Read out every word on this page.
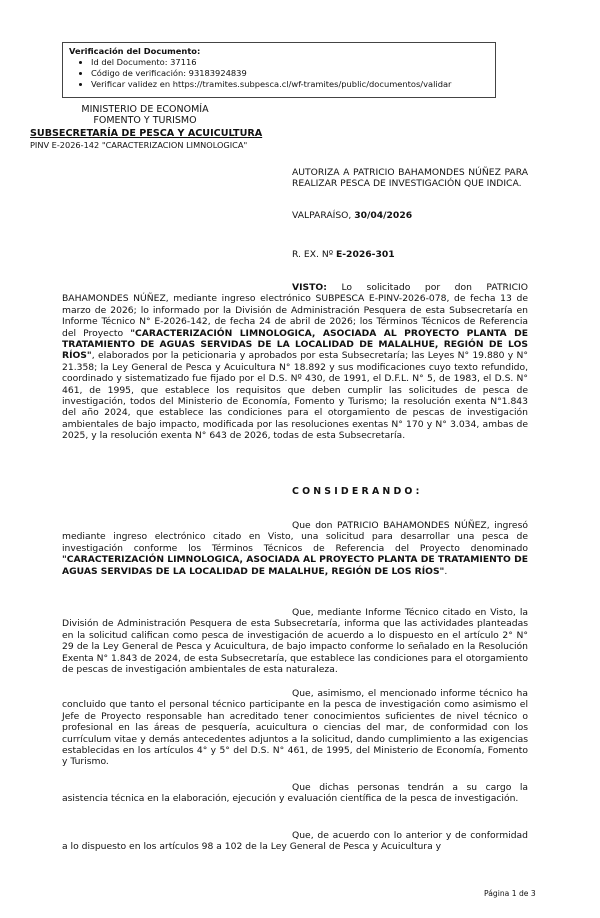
Verificación del Documento:
• Id del Documento: 37116
• Código de verificación: 93183924839
• Verificar validez en https://tramites.subpesca.cl/wf-tramites/public/documentos/validar
MINISTERIO DE ECONOMÍA
FOMENTO Y TURISMO
SUBSECRETARÍA DE PESCA Y ACUICULTURA
PINV E-2026-142 "CARACTERIZACION LIMNOLOGICA"
AUTORIZA A PATRICIO BAHAMONDES NÚÑEZ PARA REALIZAR PESCA DE INVESTIGACIÓN QUE INDICA.
VALPARAÍSO, 30/04/2026
R. EX. Nº E-2026-301
VISTO: Lo solicitado por don PATRICIO BAHAMONDES NÚÑEZ, mediante ingreso electrónico SUBPESCA E-PINV-2026-078, de fecha 13 de marzo de 2026; lo informado por la División de Administración Pesquera de esta Subsecretaría en Informe Técnico N° E-2026-142, de fecha 24 de abril de 2026; los Términos Técnicos de Referencia del Proyecto "CARACTERIZACIÓN LIMNOLOGICA, ASOCIADA AL PROYECTO PLANTA DE TRATAMIENTO DE AGUAS SERVIDAS DE LA LOCALIDAD DE MALALHUE, REGIÓN DE LOS RÍOS", elaborados por la peticionaria y aprobados por esta Subsecretaría; las Leyes N° 19.880 y N° 21.358; la Ley General de Pesca y Acuicultura N° 18.892 y sus modificaciones cuyo texto refundido, coordinado y sistematizado fue fijado por el D.S. Nº 430, de 1991, el D.F.L. N° 5, de 1983, el D.S. N° 461, de 1995, que establece los requisitos que deben cumplir las solicitudes de pesca de investigación, todos del Ministerio de Economía, Fomento y Turismo; la resolución exenta N°1.843 del año 2024, que establece las condiciones para el otorgamiento de pescas de investigación ambientales de bajo impacto, modificada por las resoluciones exentas N° 170 y N° 3.034, ambas de 2025, y la resolución exenta N° 643 de 2026, todas de esta Subsecretaría.
CONSIDERANDO:
Que don PATRICIO BAHAMONDES NÚÑEZ, ingresó mediante ingreso electrónico citado en Visto, una solicitud para desarrollar una pesca de investigación conforme los Términos Técnicos de Referencia del Proyecto denominado "CARACTERIZACIÓN LIMNOLOGICA, ASOCIADA AL PROYECTO PLANTA DE TRATAMIENTO DE AGUAS SERVIDAS DE LA LOCALIDAD DE MALALHUE, REGIÓN DE LOS RÍOS".
Que, mediante Informe Técnico citado en Visto, la División de Administración Pesquera de esta Subsecretaría, informa que las actividades planteadas en la solicitud califican como pesca de investigación de acuerdo a lo dispuesto en el artículo 2° N° 29 de la Ley General de Pesca y Acuicultura, de bajo impacto conforme lo señalado en la Resolución Exenta N° 1.843 de 2024, de esta Subsecretaría, que establece las condiciones para el otorgamiento de pescas de investigación ambientales de esta naturaleza.
Que, asimismo, el mencionado informe técnico ha concluido que tanto el personal técnico participante en la pesca de investigación como asimismo el Jefe de Proyecto responsable han acreditado tener conocimientos suficientes de nivel técnico o profesional en las áreas de pesquería, acuicultura o ciencias del mar, de conformidad con los currículum vitae y demás antecedentes adjuntos a la solicitud, dando cumplimiento a las exigencias establecidas en los artículos 4° y 5° del D.S. N° 461, de 1995, del Ministerio de Economía, Fomento y Turismo.
Que dichas personas tendrán a su cargo la asistencia técnica en la elaboración, ejecución y evaluación científica de la pesca de investigación.
Que, de acuerdo con lo anterior y de conformidad a lo dispuesto en los artículos 98 a 102 de la Ley General de Pesca y Acuicultura y
Página 1 de 3
